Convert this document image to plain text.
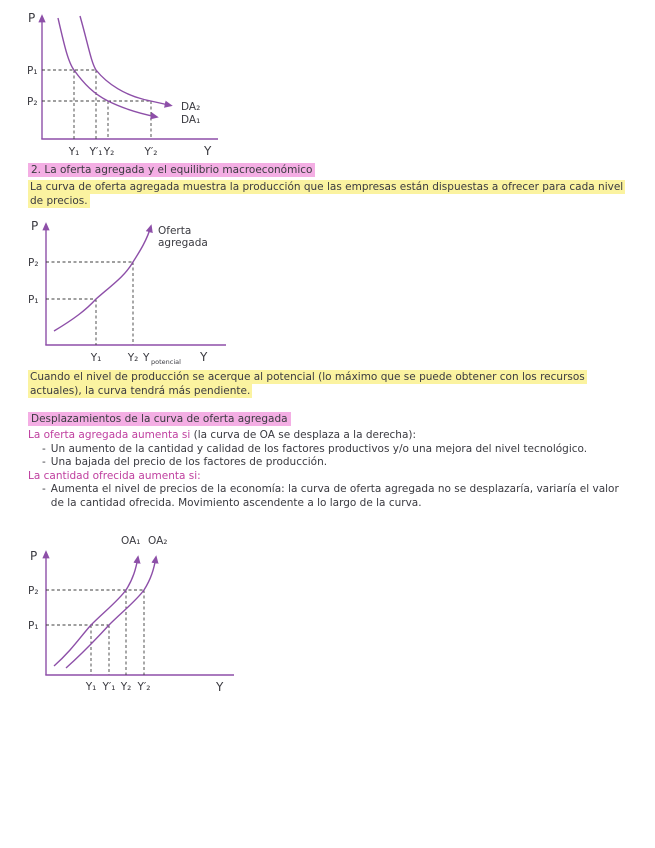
P
Y
DA₂
DA₁
P₁
P₂
Y₁ Y′₁ Y₂	Y′₂
2. La oferta agregada y el equilibrio macroeconómico
La curva de oferta agregada muestra la producción que las empresas están dispuestas a ofrecer para cada nivel de precios.
P
Y
Oferta
agregada
P₂
P₁
Y₁	Y₂ Y potencial
Cuando el nivel de producción se acerque al potencial (lo máximo que se puede obtener con los recursos actuales), la curva tendrá más pendiente.
Desplazamientos de la curva de oferta agregada
La oferta agregada aumenta si (la curva de OA se desplaza a la derecha):
- Un aumento de la cantidad y calidad de los factores productivos y/o una mejora del nivel tecnológico.
- Una bajada del precio de los factores de producción.
La cantidad ofrecida aumenta si:
- Aumenta el nivel de precios de la economía: la curva de oferta agregada no se desplazaría, variaría el valor de la cantidad ofrecida. Movimiento ascendente a lo largo de la curva.
OA₁ OA₂
P
Y
P₂
P₁
Y₁ Y′₁ Y₂ Y′₂
